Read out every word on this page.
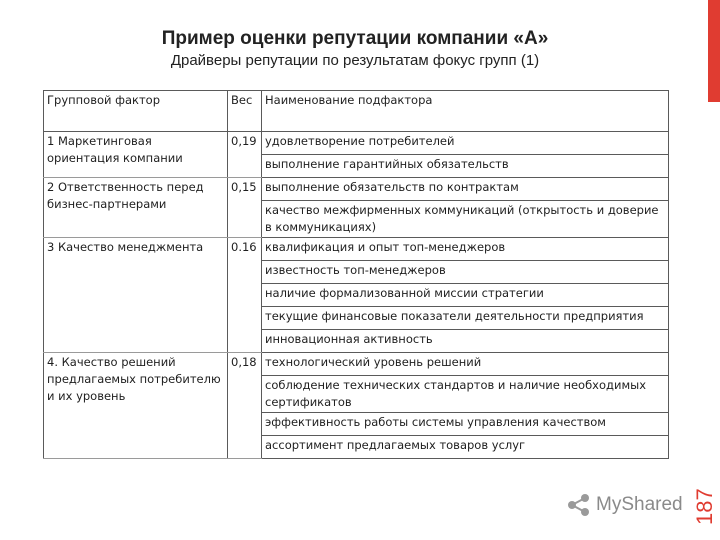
Пример оценки репутации компании «А»
Драйверы репутации по результатам фокус групп (1)
Групповой фактор	Вес	Наименование подфактора
1 Маркетинговая ориентация компании	0,19	удовлетворение потребителей
		выполнение гарантийных обязательств
2 Ответственность перед бизнес-партнерами	0,15	выполнение обязательств по контрактам
		качество межфирменных коммуникаций (открытость и доверие в коммуникациях)
3 Качество менеджмента	0.16	квалификация и опыт топ-менеджеров
		известность топ-менеджеров
		наличие формализованной миссии стратегии
		текущие финансовые показатели деятельности предприятия
		инновационная активность
4. Качество решений предлагаемых потребителю и их уровень	0,18	технологический уровень решений
		соблюдение технических стандартов и наличие необходимых сертификатов
		эффективность работы системы управления качеством
		ассортимент предлагаемых товаров услуг
MyShared 187
